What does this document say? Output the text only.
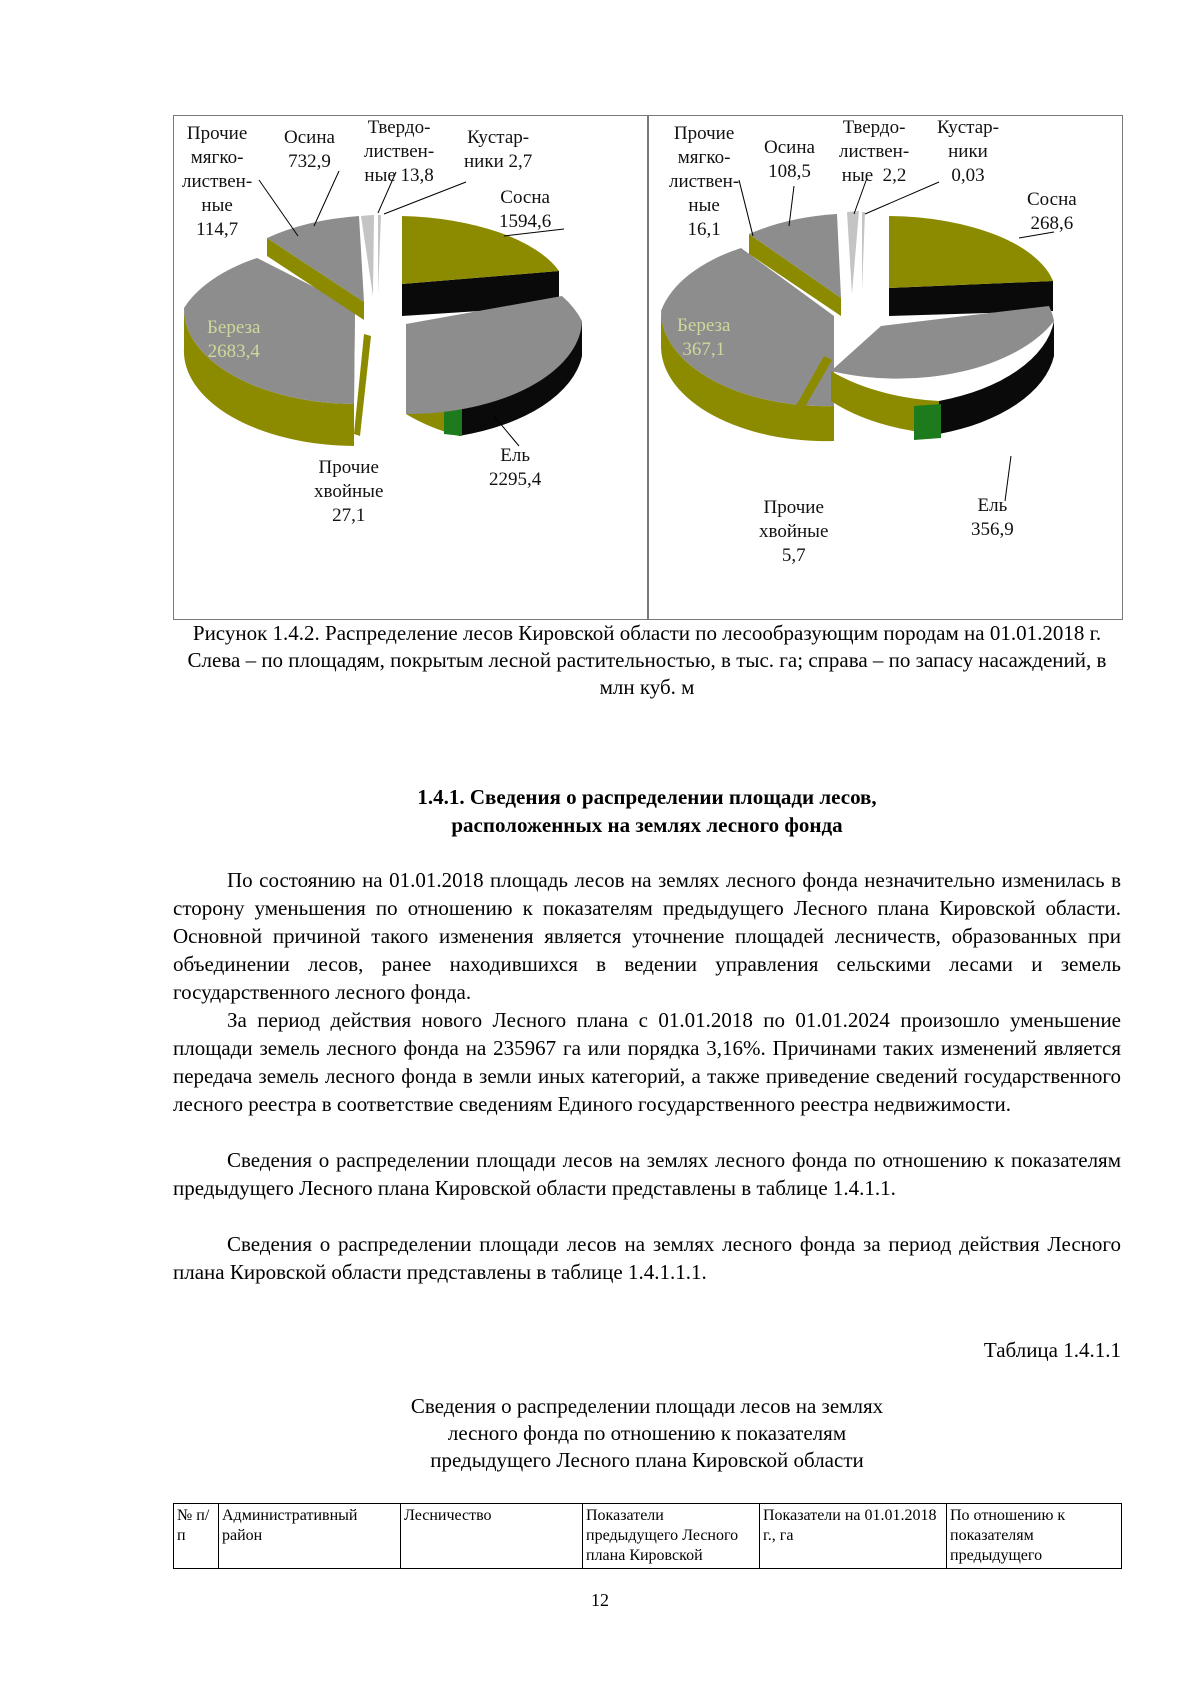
Прочие
мягко-
листвен-
ные
114,7
Осина
732,9
Твердо-
листвен-
ные 13,8
Кустар-
ники 2,7
Сосна
1594,6
Береза
2683,4
Ель
2295,4
Прочие
хвойные
27,1
Прочие
мягко-
листвен-
ные
16,1
Осина
108,5
Твердо-
листвен-
ные  2,2
Кустар-
ники
0,03
Сосна
268,6
Береза
367,1
Ель
356,9
Прочие
хвойные
5,7
Рисунок 1.4.2. Распределение лесов Кировской области по лесообразующим породам на 01.01.2018 г. Слева – по площадям, покрытым лесной растительностью, в тыс. га; справа – по запасу насаждений, в млн куб. м
1.4.1. Сведения о распределении площади лесов,
расположенных на землях лесного фонда

По состоянию на 01.01.2018 площадь лесов на землях лесного фонда незначительно изменилась в сторону уменьшения по отношению к показателям предыдущего Лесного плана Кировской области. Основной причиной такого изменения является уточнение площадей лесничеств, образованных при объединении лесов, ранее находившихся в ведении управления сельскими лесами и земель государственного лесного фонда.

За период действия нового Лесного плана с 01.01.2018 по 01.01.2024 произошло уменьшение площади земель лесного фонда на 235967 га или порядка 3,16%. Причинами таких изменений является передача земель лесного фонда в земли иных категорий, а также приведение сведений государственного лесного реестра в соответствие сведениям Единого государственного реестра недвижимости.

Сведения о распределении площади лесов на землях лесного фонда по отношению к показателям предыдущего Лесного плана Кировской области представлены в таблице 1.4.1.1.

Сведения о распределении площади лесов на землях лесного фонда за период действия Лесного плана Кировской области представлены в таблице 1.4.1.1.1.

Таблица 1.4.1.1
Сведения о распределении площади лесов на землях
лесного фонда по отношению к показателям
предыдущего Лесного плана Кировской области
№ п/п	Административный район	Лесничество	Показатели предыдущего Лесного плана Кировской	Показатели на 01.01.2018 г., га	По отношению к показателям предыдущего
12
